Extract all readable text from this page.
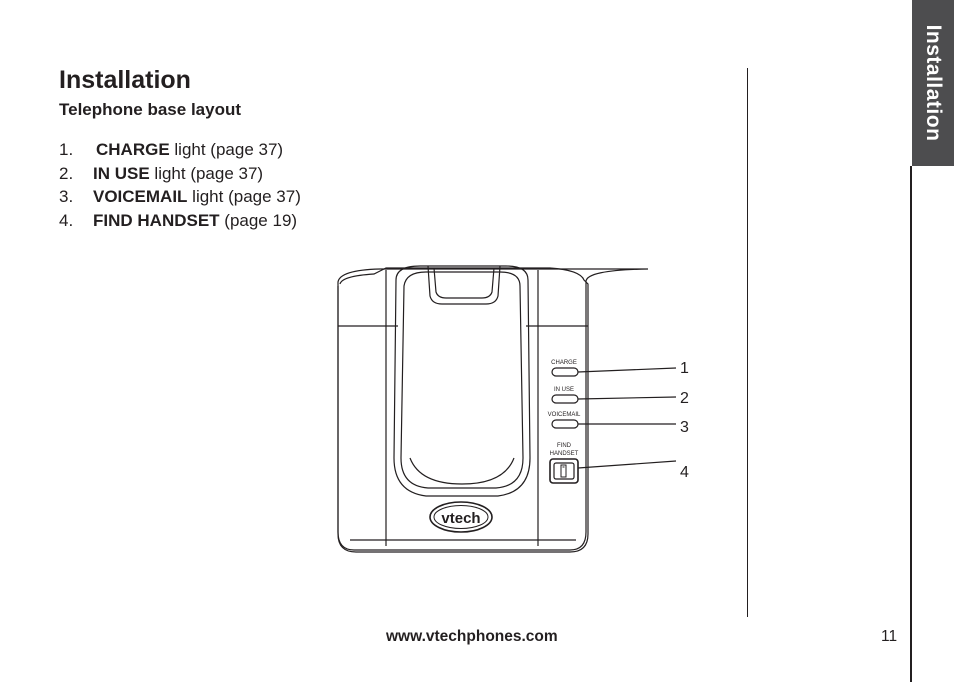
Installation
Installation
Telephone base layout
1. CHARGE light (page 37)
2. IN USE light (page 37)
3. VOICEMAIL light (page 37)
4. FIND HANDSET (page 19)
vtech
CHARGE
IN USE
VOICEMAIL
FIND
HANDSET
1
2
3
4
www.vtechphones.com	11
